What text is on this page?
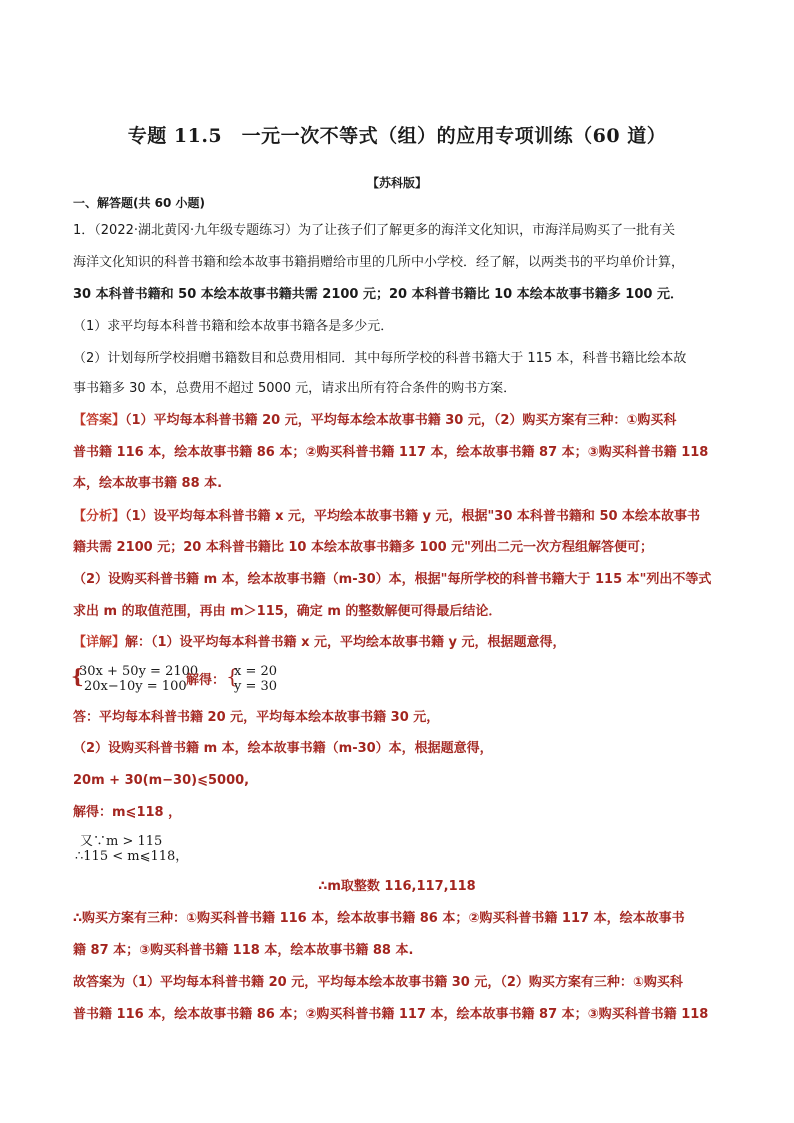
专题 11.5　一元一次不等式（组）的应用专项训练（60 道）
【苏科版】
一、解答题(共 60 小题)
1．（2022·湖北黄冈·九年级专题练习）为了让孩子们了解更多的海洋文化知识，市海洋局购买了一批有关
海洋文化知识的科普书籍和绘本故事书籍捐赠给市里的几所中小学校．经了解，以两类书的平均单价计算，
30 本科普书籍和 50 本绘本故事书籍共需 2100 元；20 本科普书籍比 10 本绘本故事书籍多 100 元．
（1）求平均每本科普书籍和绘本故事书籍各是多少元．
（2）计划每所学校捐赠书籍数目和总费用相同．其中每所学校的科普书籍大于 115 本，科普书籍比绘本故
事书籍多 30 本，总费用不超过 5000 元，请求出所有符合条件的购书方案．
【答案】（1）平均每本科普书籍 20 元，平均每本绘本故事书籍 30 元，（2）购买方案有三种：①购买科
普书籍 116 本，绘本故事书籍 86 本；②购买科普书籍 117 本，绘本故事书籍 87 本；③购买科普书籍 118
本，绘本故事书籍 88 本.
【分析】（1）设平均每本科普书籍 x 元，平均绘本故事书籍 y 元，根据"30 本科普书籍和 50 本绘本故事书
籍共需 2100 元；20 本科普书籍比 10 本绘本故事书籍多 100 元"列出二元一次方程组解答便可；
（2）设购买科普书籍 m 本，绘本故事书籍（m-30）本，根据"每所学校的科普书籍大于 115 本"列出不等式
求出 m 的取值范围，再由 m＞115，确定 m 的整数解便可得最后结论．
【详解】解：（1）设平均每本科普书籍 x 元，平均绘本故事书籍 y 元，根据题意得，
{
30x + 50y = 2100
20x−10y = 100 解得： {
x = 20
y = 30
答：平均每本科普书籍 20 元，平均每本绘本故事书籍 30 元，
（2）设购买科普书籍 m 本，绘本故事书籍（m-30）本，根据题意得，
20m + 30(m−30)⩽5000,
解得：m⩽118 ，
又∵m > 115
∴115 < m⩽118，
∴m取整数 116,117,118
∴购买方案有三种：①购买科普书籍 116 本，绘本故事书籍 86 本；②购买科普书籍 117 本，绘本故事书
籍 87 本；③购买科普书籍 118 本，绘本故事书籍 88 本.
故答案为（1）平均每本科普书籍 20 元，平均每本绘本故事书籍 30 元，（2）购买方案有三种：①购买科
普书籍 116 本，绘本故事书籍 86 本；②购买科普书籍 117 本，绘本故事书籍 87 本；③购买科普书籍 118
